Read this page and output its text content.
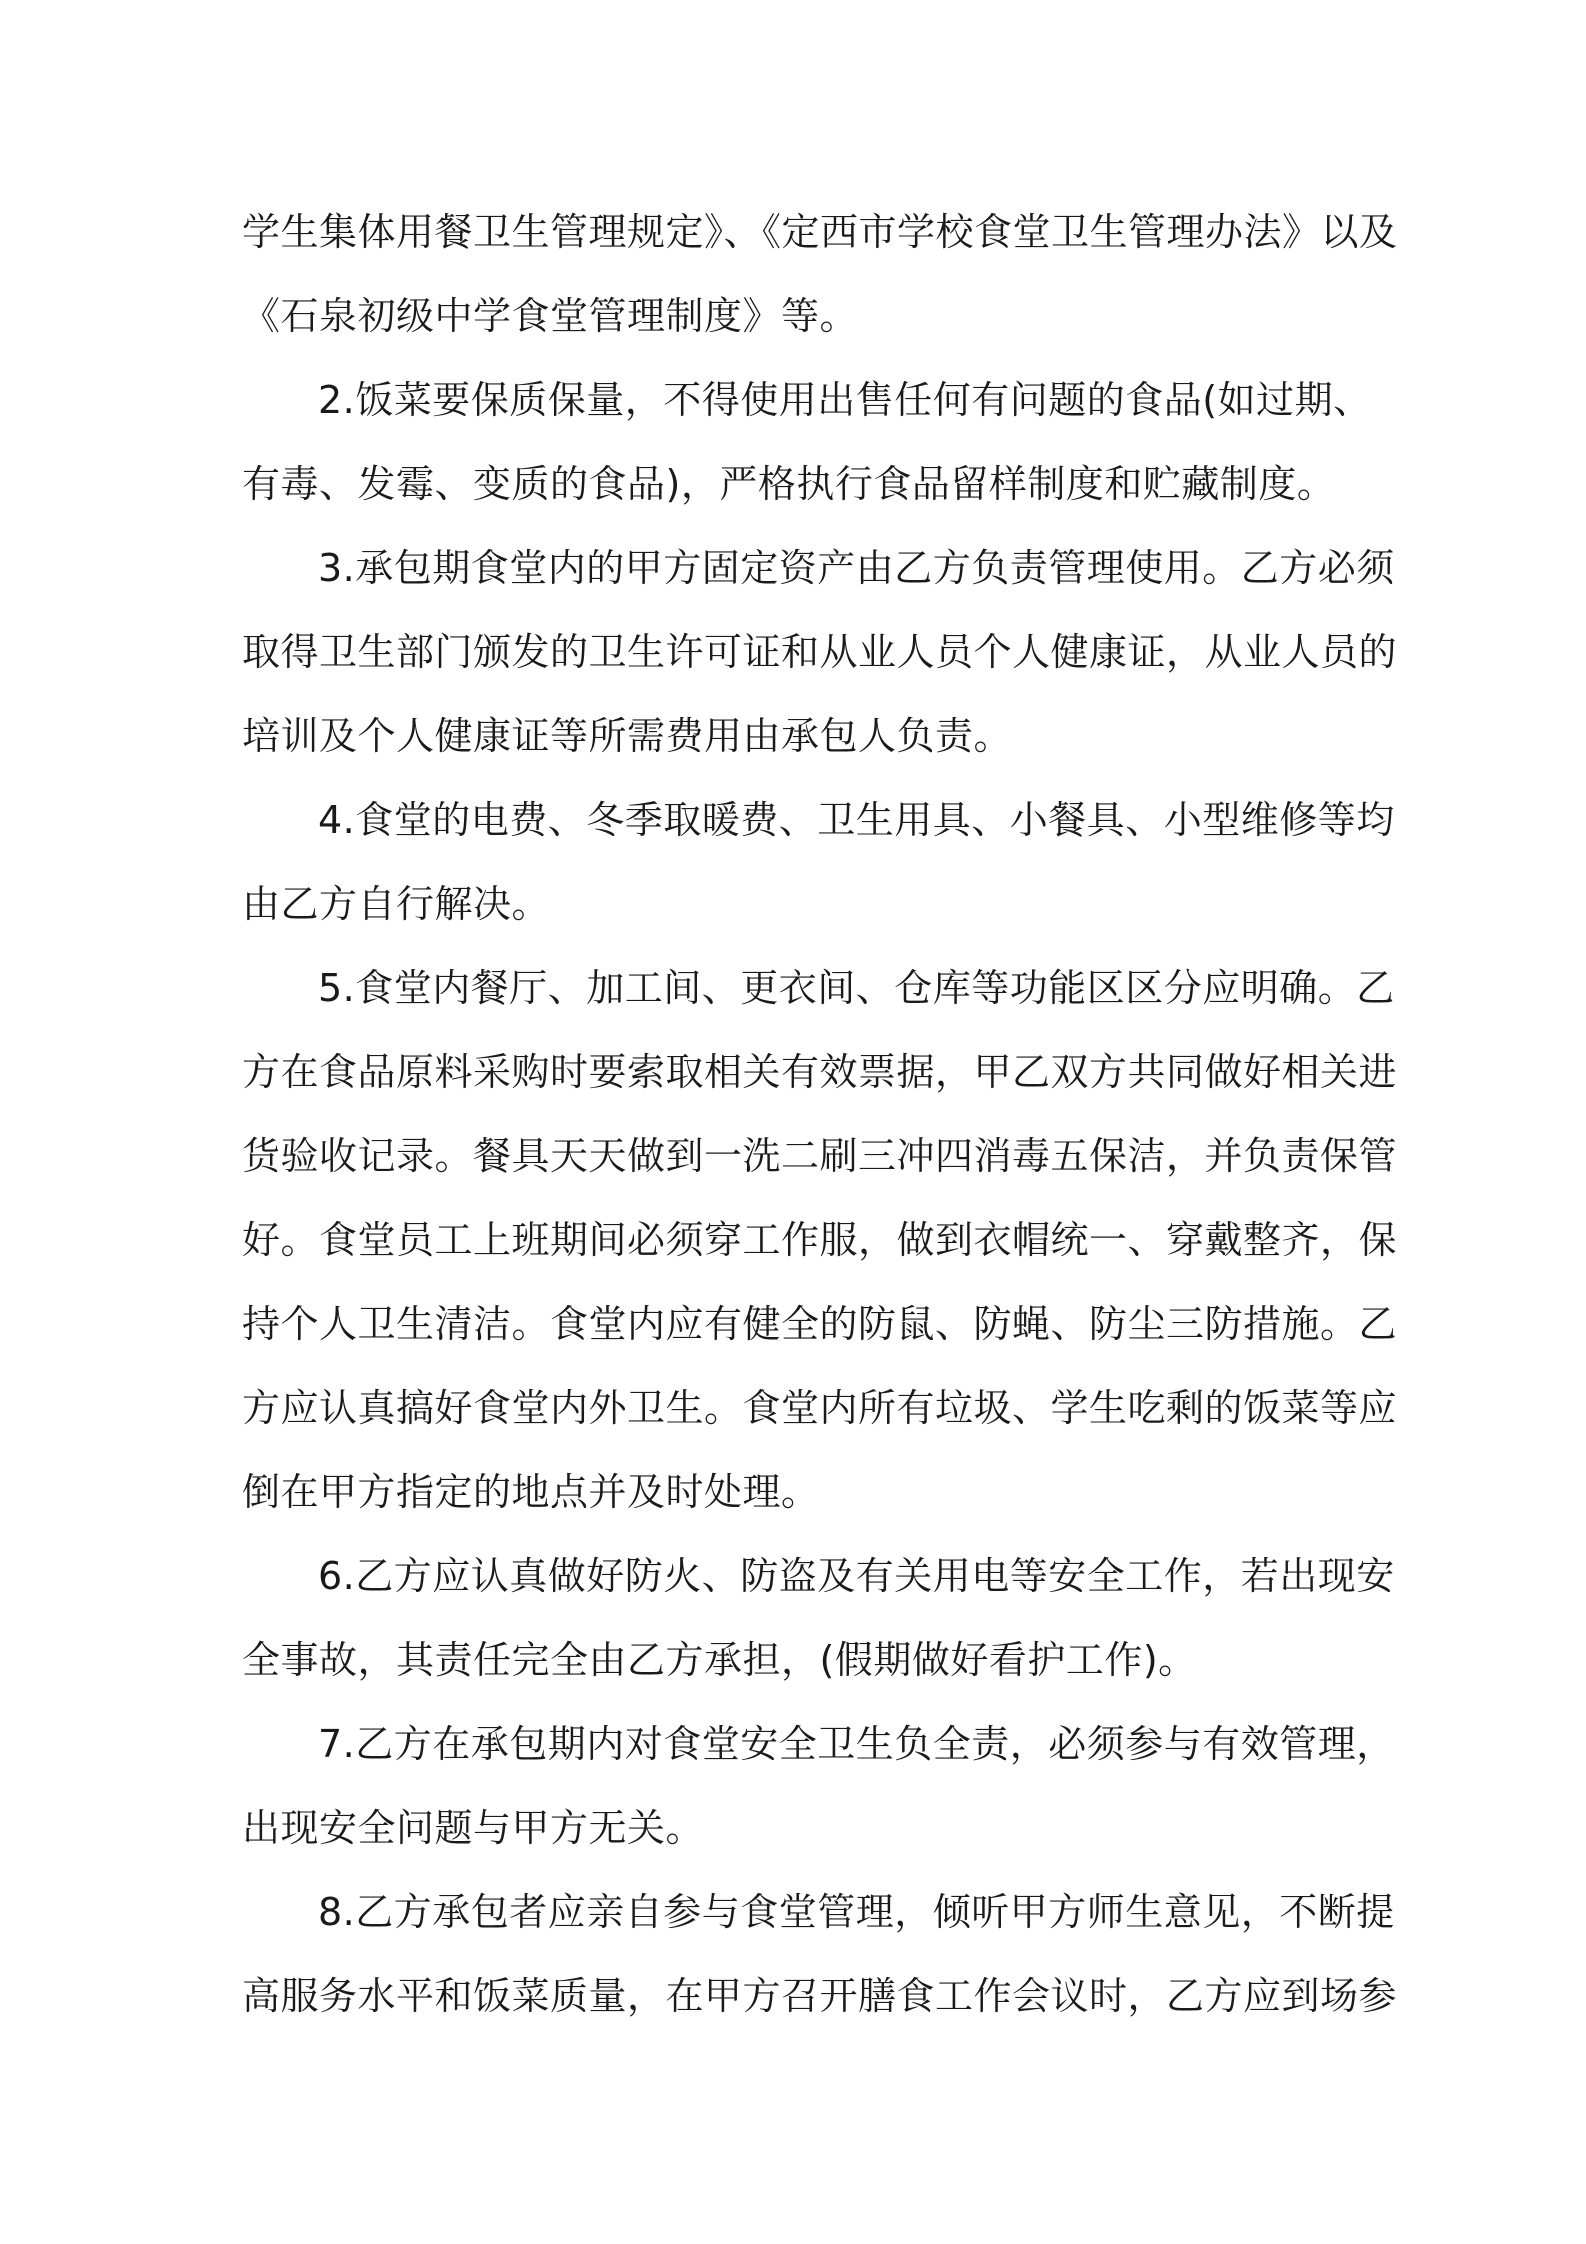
学生集体用餐卫生管理规定》、《定西市学校食堂卫生管理办法》以及
《石泉初级中学食堂管理制度》等。
2.饭菜要保质保量，不得使用出售任何有问题的食品(如过期、
有毒、发霉、变质的食品)，严格执行食品留样制度和贮藏制度。
3.承包期食堂内的甲方固定资产由乙方负责管理使用。乙方必须
取得卫生部门颁发的卫生许可证和从业人员个人健康证，从业人员的
培训及个人健康证等所需费用由承包人负责。
4.食堂的电费、冬季取暖费、卫生用具、小餐具、小型维修等均
由乙方自行解决。
5.食堂内餐厅、加工间、更衣间、仓库等功能区区分应明确。乙
方在食品原料采购时要索取相关有效票据，甲乙双方共同做好相关进
货验收记录。餐具天天做到一洗二刷三冲四消毒五保洁，并负责保管
好。食堂员工上班期间必须穿工作服，做到衣帽统一、穿戴整齐，保
持个人卫生清洁。食堂内应有健全的防鼠、防蝇、防尘三防措施。乙
方应认真搞好食堂内外卫生。食堂内所有垃圾、学生吃剩的饭菜等应
倒在甲方指定的地点并及时处理。
6.乙方应认真做好防火、防盗及有关用电等安全工作，若出现安
全事故，其责任完全由乙方承担，(假期做好看护工作)。
7.乙方在承包期内对食堂安全卫生负全责，必须参与有效管理，
出现安全问题与甲方无关。
8.乙方承包者应亲自参与食堂管理，倾听甲方师生意见，不断提
高服务水平和饭菜质量，在甲方召开膳食工作会议时，乙方应到场参
